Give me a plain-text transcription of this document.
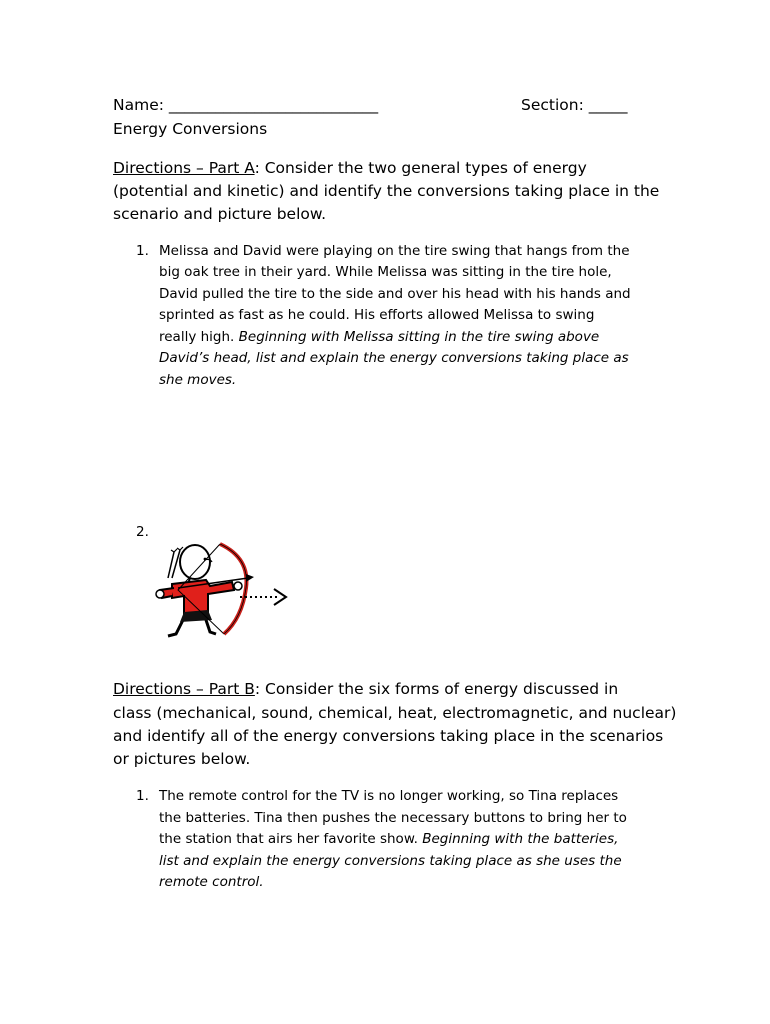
Name: ___________________________	Section: _____
Energy Conversions
Directions – Part A: Consider the two general types of energy
(potential and kinetic) and identify the conversions taking place in the
scenario and picture below.
1. Melissa and David were playing on the tire swing that hangs from the
big oak tree in their yard. While Melissa was sitting in the tire hole,
David pulled the tire to the side and over his head with his hands and
sprinted as fast as he could. His efforts allowed Melissa to swing
really high. Beginning with Melissa sitting in the tire swing above
David’s head, list and explain the energy conversions taking place as
she moves.
2.
Directions – Part B: Consider the six forms of energy discussed in
class (mechanical, sound, chemical, heat, electromagnetic, and nuclear)
and identify all of the energy conversions taking place in the scenarios
or pictures below.
1. The remote control for the TV is no longer working, so Tina replaces
the batteries. Tina then pushes the necessary buttons to bring her to
the station that airs her favorite show. Beginning with the batteries,
list and explain the energy conversions taking place as she uses the
remote control.
